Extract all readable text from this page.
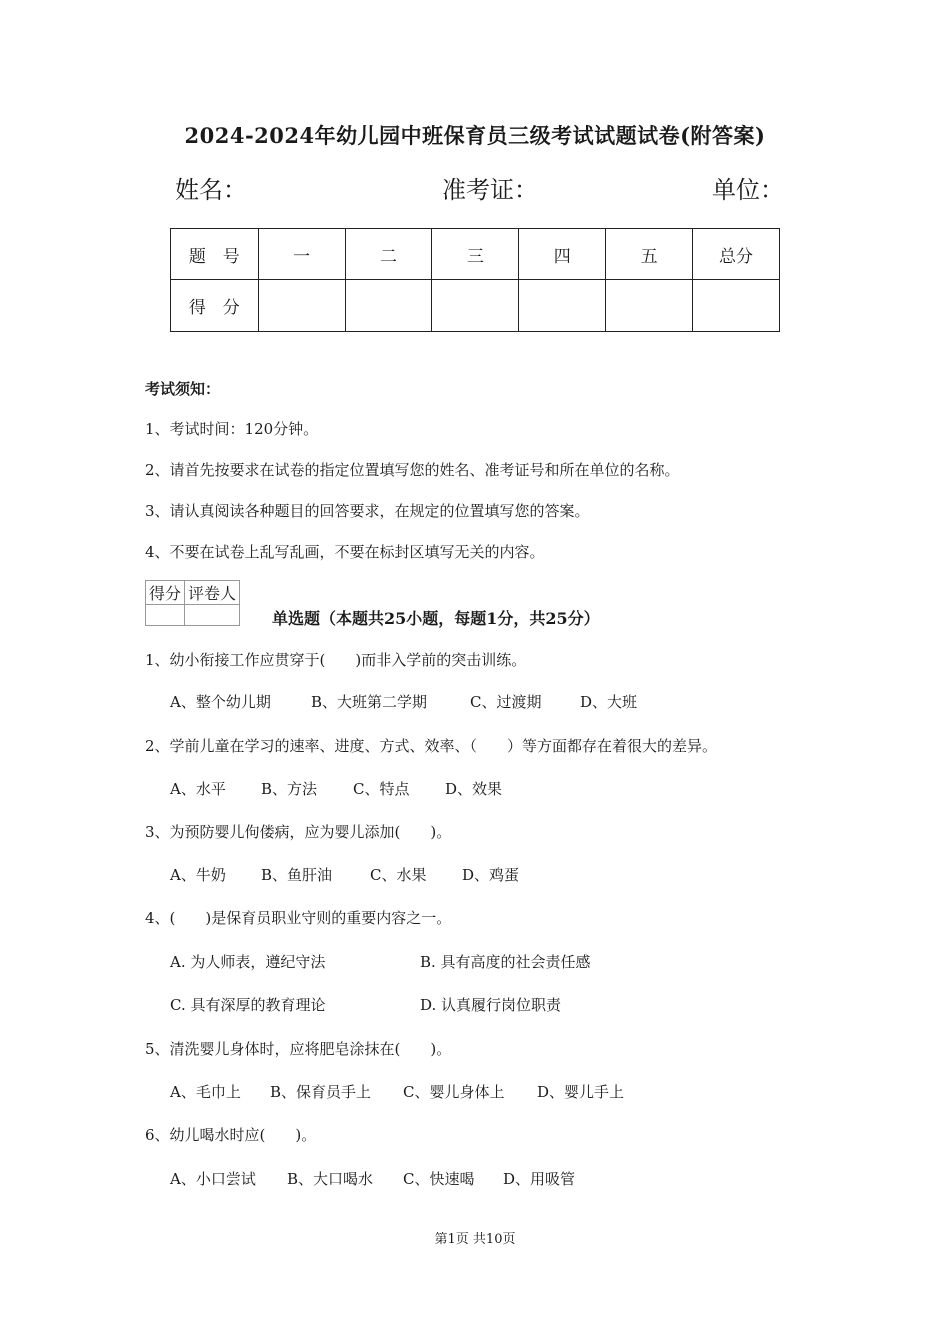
2024-2024年幼儿园中班保育员三级考试试题试卷(附答案)
姓名：	准考证：	单位：
题　号	一	二	三	四	五	总分
得　分						
考试须知：
1、考试时间：120分钟。
2、请首先按要求在试卷的指定位置填写您的姓名、准考证号和所在单位的名称。
3、请认真阅读各种题目的回答要求，在规定的位置填写您的答案。
4、不要在试卷上乱写乱画，不要在标封区填写无关的内容。
得分	评卷人

单选题（本题共25小题，每题1分，共25分）
1、幼小衔接工作应贯穿于(　　)而非入学前的突击训练。
A、整个幼儿期	B、大班第二学期	C、过渡期	D、大班
2、学前儿童在学习的速率、进度、方式、效率、（　　）等方面都存在着很大的差异。
A、水平 B、方法 C、特点 D、效果
3、为预防婴儿佝偻病，应为婴儿添加(　　)。
A、牛奶 B、鱼肝油	C、水果 D、鸡蛋
4、(　　)是保育员职业守则的重要内容之一。
A. 为人师表，遵纪守法	B. 具有高度的社会责任感
C. 具有深厚的教育理论	D. 认真履行岗位职责
5、清洗婴儿身体时，应将肥皂涂抹在(　　)。
A、毛巾上 B、保育员手上 C、婴儿身体上 D、婴儿手上
6、幼儿喝水时应(　　)。
A、小口尝试 B、大口喝水 C、快速喝 D、用吸管
第1页 共10页
